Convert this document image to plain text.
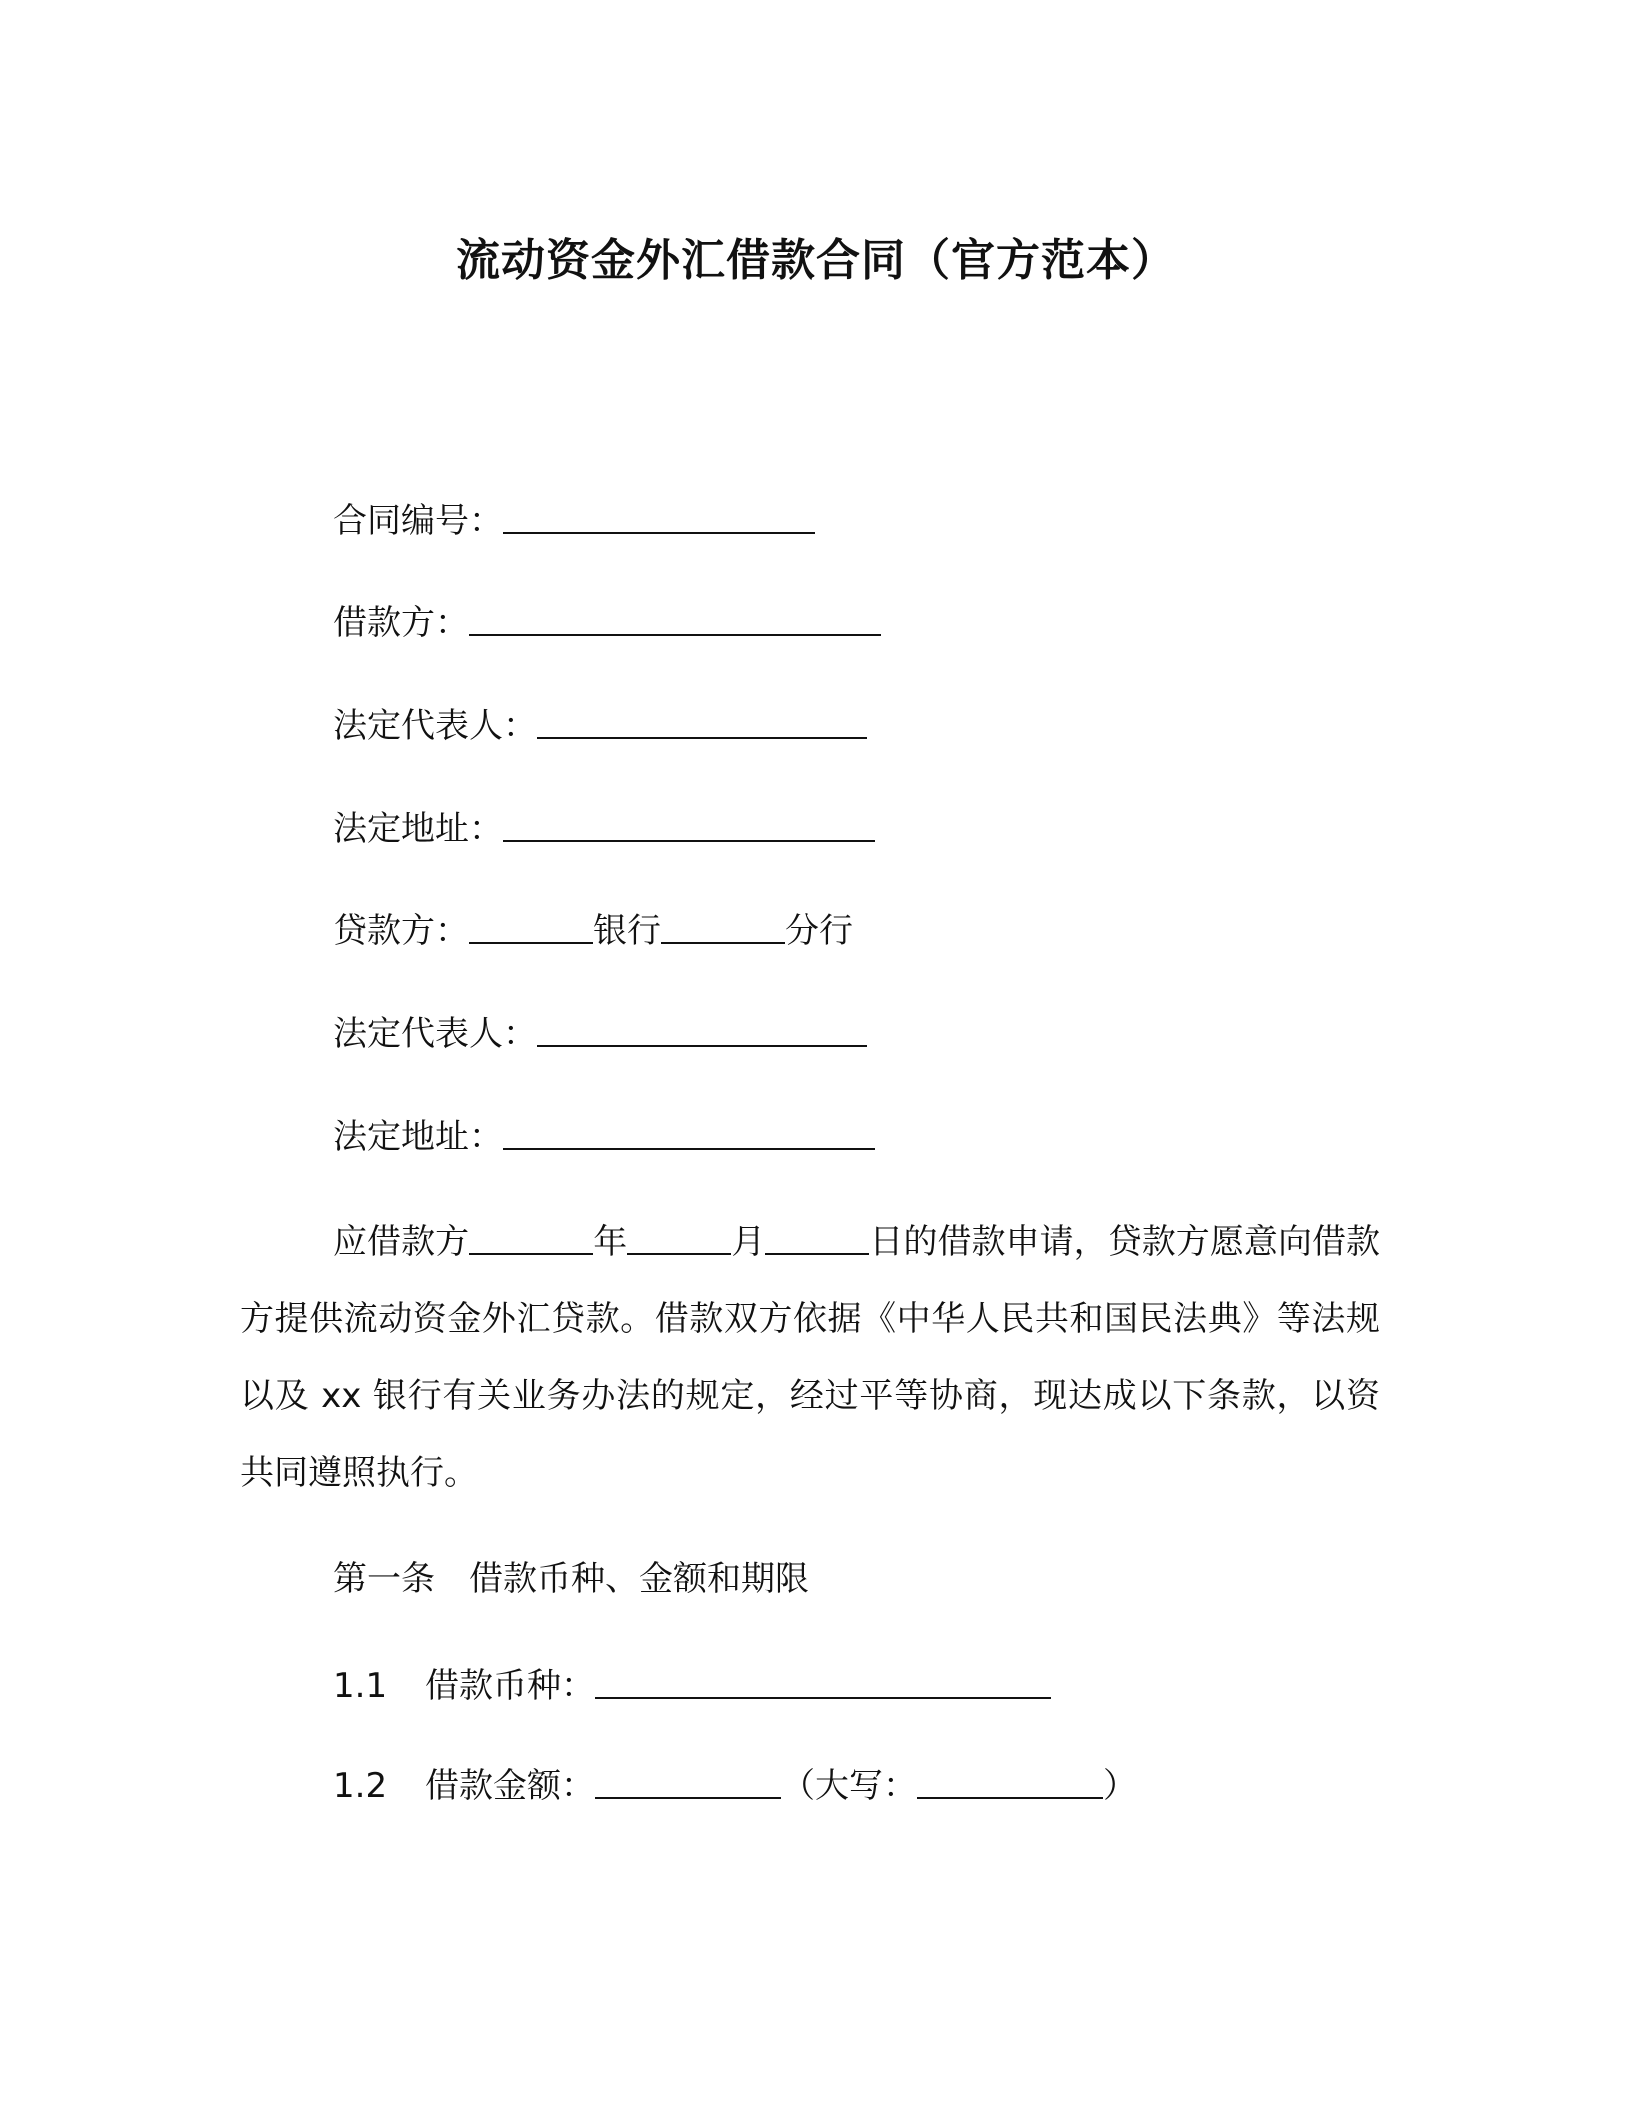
流动资金外汇借款合同（官方范本）
合同编号：
借款方：
法定代表人：
法定地址：
贷款方：	银行	分行
法定代表人：
法定地址：
应借款方	年	月	日的借款申请，贷款方愿意向借款方提供流动资金外汇贷款。借款双方依据《中华人民共和国民法典》等法规以及 xx 银行有关业务办法的规定，经过平等协商，现达成以下条款，以资共同遵照执行。
第一条　借款币种、金额和期限
1.1 借款币种：
1.2 借款金额：	（大写：	）
